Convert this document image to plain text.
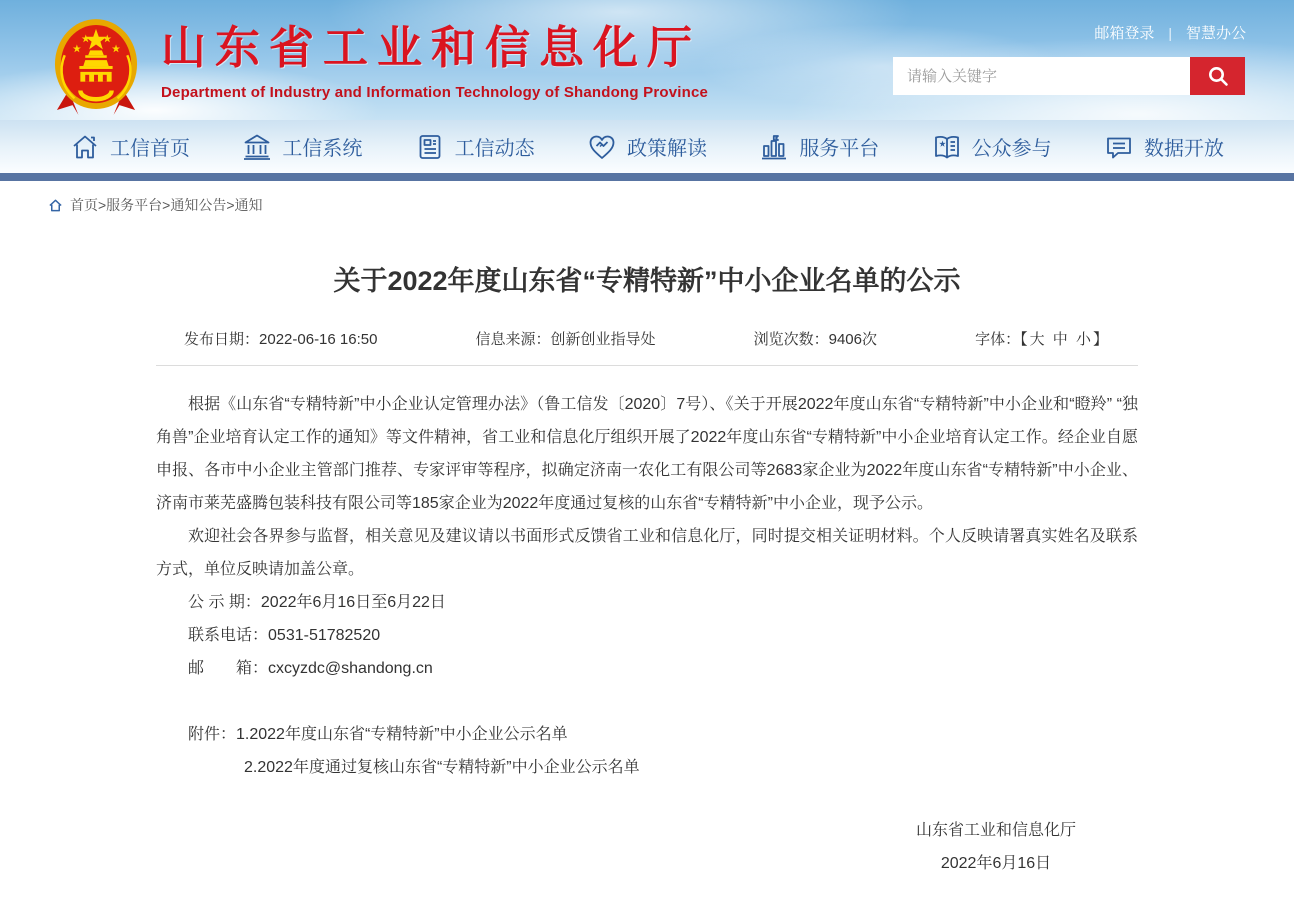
★
★ ★
★ 山东省工业和信息化厅
Department of Industry and Information Technology of Shandong Province
邮箱登录 | 智慧办公
请输入关键字
工信首页	工信系统	工信动态	政策解读	服务平台	★ 公众参与	数据开放
首页>服务平台>通知公告>通知
关于2022年度山东省“专精特新”中小企业名单的公示
发布日期：2022-06-16 16:50	信息来源：创新创业指导处	浏览次数：9406次	字体：【 大 中 小 】

根据《山东省“专精特新”中小企业认定管理办法》（鲁工信发〔2020〕7号）、《关于开展2022年度山东省“专精特新”中小企业和“瞪羚” “独角兽”企业培育认定工作的通知》等文件精神，省工业和信息化厅组织开展了2022年度山东省“专精特新”中小企业培育认定工作。经企业自愿申报、各市中小企业主管部门推荐、专家评审等程序，拟确定济南一农化工有限公司等2683家企业为2022年度山东省“专精特新”中小企业、济南市莱芜盛腾包装科技有限公司等185家企业为2022年度通过复核的山东省“专精特新”中小企业，现予公示。

欢迎社会各界参与监督，相关意见及建议请以书面形式反馈省工业和信息化厅，同时提交相关证明材料。个人反映请署真实姓名及联系方式，单位反映请加盖公章。

公 示 期：2022年6月16日至6月22日

联系电话：0531-51782520

邮　　箱：cxcyzdc@shandong.cn

附件：1.2022年度山东省“专精特新”中小企业公示名单

2.2022年度通过复核山东省“专精特新”中小企业公示名单

山东省工业和信息化厅
2022年6月16日
